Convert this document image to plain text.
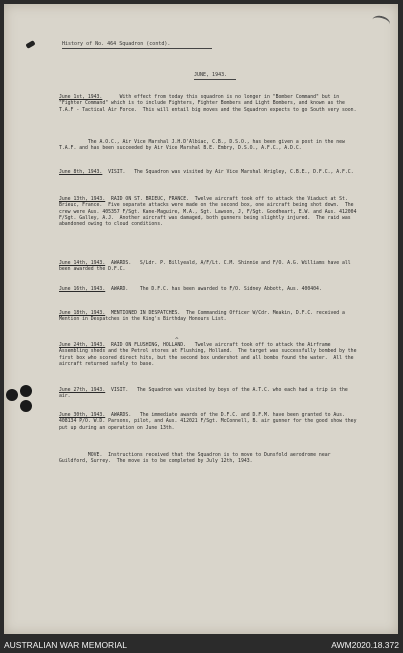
History of No. 464 Squadron (contd).
JUNE, 1943.
June 1st, 1943.      With effect from today this squadron is no longer in "Bomber Command" but in "Fighter Command" which is to include Fighters, Fighter Bombers and Light Bombers, and known as the T.A.F - Tactical Air Force.  This will entail big moves and the Squadron expects to go South very soon.
The A.O.C., Air Vice Marshal J.H.D'Albiac, C.B., D.S.O., has been given a post in the new T.A.F. and has been succeeded by Air Vice Marshal B.E. Embry, D.S.O., A.F.C., A.D.C.
June 8th, 1943.  VISIT.   The Squadron was visited by Air Vice Marshal Wrigley, C.B.E., D.F.C., A.F.C.
June 13th, 1943.  RAID ON ST. BRIEUC, FRANCE.  Twelve aircraft took off to attack the Viaduct at St. Brieuc, France.  Five separate attacks were made on the second box, one aircraft being shot down.  The crew were Aus. 405357 F/Sgt. Kane-Maguire, M.A., Sgt. Lawson, J, F/Sgt. Goodheart, E.W. and Aus. 412004 F/Sgt. Galley, A.J.  Another aircraft was damaged, both gunners being slightly injured.  The raid was abandoned owing to cloud conditions.
June 14th, 1943.  AWARDS.   S/Ldr. P. Billyeald, A/F/Lt. C.M. Shinnie and F/O. A.G. Williams have all been awarded the D.F.C.
June 16th, 1943.  AWARD.    The D.F.C. has been awarded to F/O. Sidney Abbott, Aus. 400404.
June 18th, 1943.  MENTIONED IN DESPATCHES.  The Commanding Officer W/Cdr. Meakin, D.F.C. received a Mention in Despatches in the King's Birthday Honours List.
^
June 24th, 1943.  RAID ON FLUSHING, HOLLAND.   Twelve aircraft took off to attack the Airframe Assembling sheds and the Petrol stores at Flushing, Holland.  The target was successfully bombed by the first box who scored direct hits, but the second box undershot and all bombs found the water.  All the aircraft returned safely to base.
June 27th, 1943.  VISIT.   The Squadron was visited by boys of the A.T.C. who each had a trip in the air.
June 30th, 1943.  AWARDS.   The immediate awards of the D.F.C. and D.F.M. have been granted to Aus. 408134 P/O. W.D. Parsons, pilot, and Aus. 412021 F/Sgt. McConnell, B. air gunner for the good show they put up during an operation on June 13th.
MOVE.  Instructions received that the Squadron is to move to Dunsfold aerodrome near Guildford, Surrey.  The move is to be completed by July 12th, 1943.
AUSTRALIAN WAR MEMORIAL	AWM2020.18.372
